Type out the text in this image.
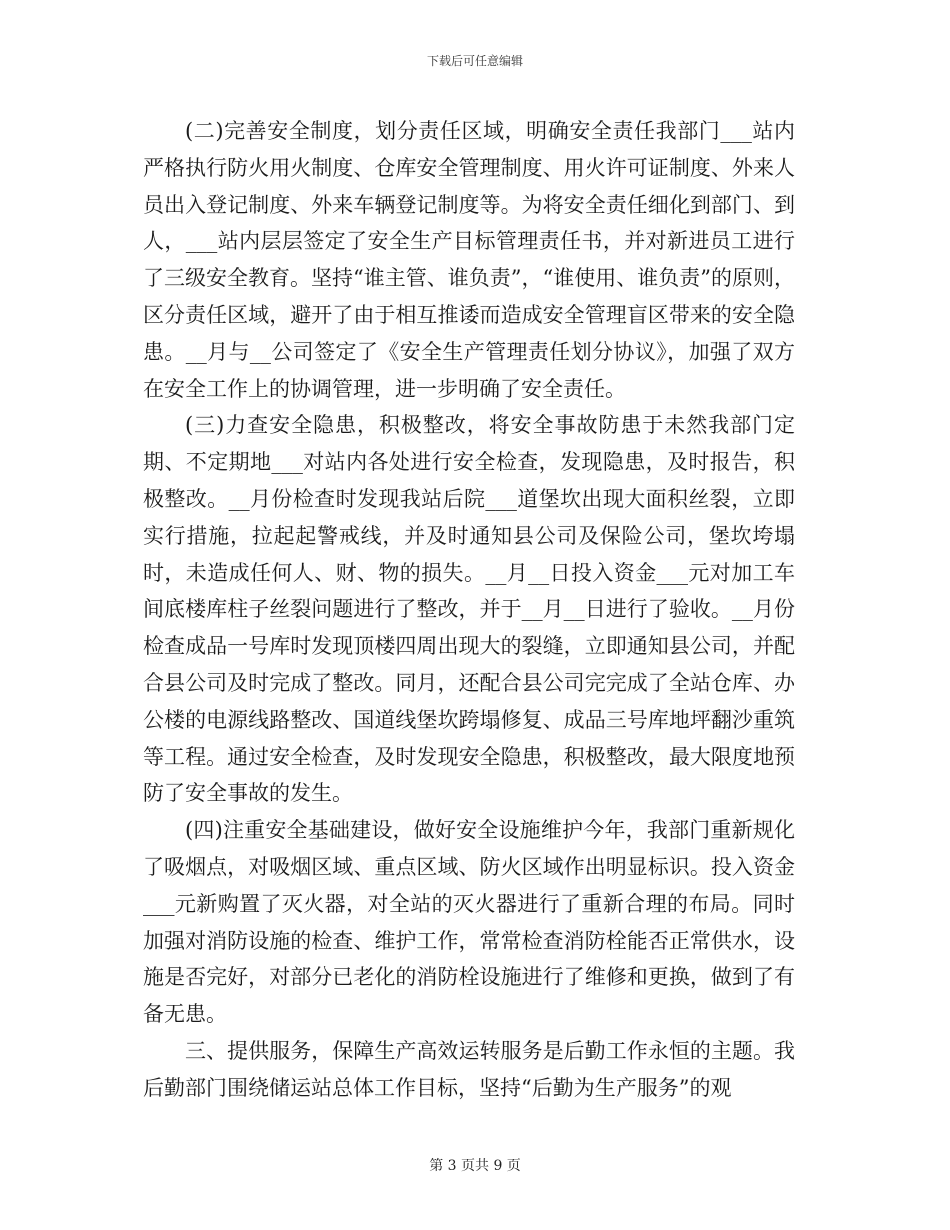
下载后可任意编辑

(二)完善安全制度，划分责任区域，明确安全责任我部门___站内严格执行防火用火制度、仓库安全管理制度、用火许可证制度、外来人员出入登记制度、外来车辆登记制度等。为将安全责任细化到部门、到人，___站内层层签定了安全生产目标管理责任书，并对新进员工进行了三级安全教育。坚持“谁主管、谁负责”，“谁使用、谁负责”的原则，区分责任区域，避开了由于相互推诿而造成安全管理盲区带来的安全隐患。__月与__公司签定了《安全生产管理责任划分协议》，加强了双方在安全工作上的协调管理，进一步明确了安全责任。

(三)力查安全隐患，积极整改，将安全事故防患于未然我部门定期、不定期地___对站内各处进行安全检查，发现隐患，及时报告，积极整改。__月份检查时发现我站后院___道堡坎出现大面积丝裂，立即实行措施，拉起起警戒线，并及时通知县公司及保险公司，堡坎垮塌时，未造成任何人、财、物的损失。__月__日投入资金___元对加工车间底楼库柱子丝裂问题进行了整改，并于__月__日进行了验收。__月份检查成品一号库时发现顶楼四周出现大的裂缝，立即通知县公司，并配合县公司及时完成了整改。同月，还配合县公司完完成了全站仓库、办公楼的电源线路整改、国道线堡坎跨塌修复、成品三号库地坪翻沙重筑等工程。通过安全检查，及时发现安全隐患，积极整改，最大限度地预防了安全事故的发生。

(四)注重安全基础建设，做好安全设施维护今年，我部门重新规化了吸烟点，对吸烟区域、重点区域、防火区域作出明显标识。投入资金___元新购置了灭火器，对全站的灭火器进行了重新合理的布局。同时加强对消防设施的检查、维护工作，常常检查消防栓能否正常供水，设施是否完好，对部分已老化的消防栓设施进行了维修和更换，做到了有备无患。

三、提供服务，保障生产高效运转服务是后勤工作永恒的主题。我后勤部门围绕储运站总体工作目标，坚持“后勤为生产服务”的观

第 3 页共 9 页
